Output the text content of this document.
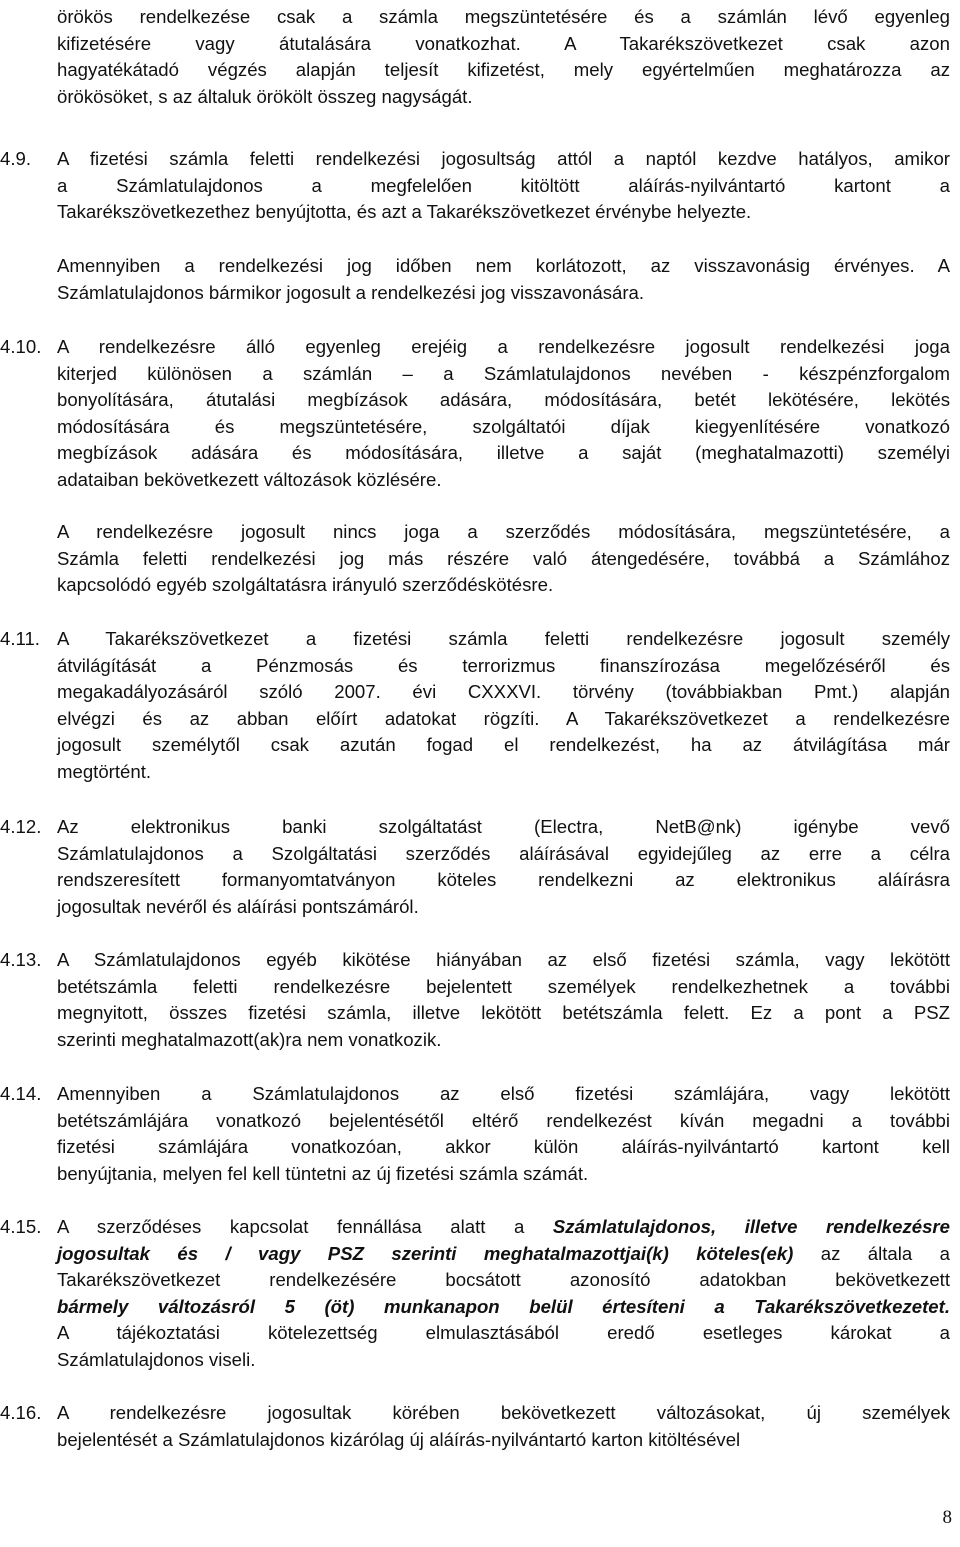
örökös rendelkezése csak a számla megszüntetésére és a számlán lévő egyenleg
kifizetésére vagy átutalására vonatkozhat. A Takarékszövetkezet csak azon
hagyatékátadó végzés alapján teljesít kifizetést, mely egyértelműen meghatározza az
örökösöket, s az általuk örökölt összeg nagyságát.
4.9. A fizetési számla feletti rendelkezési jogosultság attól a naptól kezdve hatályos, amikor
a Számlatulajdonos a megfelelően kitöltött aláírás-nyilvántartó kartont a
Takarékszövetkezethez benyújtotta, és azt a Takarékszövetkezet érvénybe helyezte.
Amennyiben a rendelkezési jog időben nem korlátozott, az visszavonásig érvényes. A
Számlatulajdonos bármikor jogosult a rendelkezési jog visszavonására.
4.10. A rendelkezésre álló egyenleg erejéig a rendelkezésre jogosult rendelkezési joga
kiterjed különösen a számlán – a Számlatulajdonos nevében - készpénzforgalom
bonyolítására, átutalási megbízások adására, módosítására, betét lekötésére, lekötés
módosítására és megszüntetésére, szolgáltatói díjak kiegyenlítésére vonatkozó
megbízások adására és módosítására, illetve a saját (meghatalmazotti) személyi
adataiban bekövetkezett változások közlésére.
A rendelkezésre jogosult nincs joga a szerződés módosítására, megszüntetésére, a
Számla feletti rendelkezési jog más részére való átengedésére, továbbá a Számlához
kapcsolódó egyéb szolgáltatásra irányuló szerződéskötésre.
4.11. A Takarékszövetkezet a fizetési számla feletti rendelkezésre jogosult személy
átvilágítását a Pénzmosás és terrorizmus finanszírozása megelőzéséről és
megakadályozásáról szóló 2007. évi CXXXVI. törvény (továbbiakban Pmt.) alapján
elvégzi és az abban előírt adatokat rögzíti. A Takarékszövetkezet a rendelkezésre
jogosult személytől csak azután fogad el rendelkezést, ha az átvilágítása már
megtörtént.
4.12. Az elektronikus banki szolgáltatást (Electra, NetB@nk) igénybe vevő
Számlatulajdonos a Szolgáltatási szerződés aláírásával egyidejűleg az erre a célra
rendszeresített formanyomtatványon köteles rendelkezni az elektronikus aláírásra
jogosultak nevéről és aláírási pontszámáról.
4.13. A Számlatulajdonos egyéb kikötése hiányában az első fizetési számla, vagy lekötött
betétszámla feletti rendelkezésre bejelentett személyek rendelkezhetnek a további
megnyitott, összes fizetési számla, illetve lekötött betétszámla felett. Ez a pont a PSZ
szerinti meghatalmazott(ak)ra nem vonatkozik.
4.14. Amennyiben a Számlatulajdonos az első fizetési számlájára, vagy lekötött
betétszámlájára vonatkozó bejelentésétől eltérő rendelkezést kíván megadni a további
fizetési számlájára vonatkozóan, akkor külön aláírás-nyilvántartó kartont kell
benyújtania, melyen fel kell tüntetni az új fizetési számla számát.
4.15. A szerződéses kapcsolat fennállása alatt a Számlatulajdonos, illetve rendelkezésre
jogosultak és / vagy PSZ szerinti meghatalmazottjai(k) köteles(ek) az általa a
Takarékszövetkezet rendelkezésére bocsátott azonosító adatokban bekövetkezett
bármely változásról 5 (öt) munkanapon belül értesíteni a Takarékszövetkezetet.
A tájékoztatási kötelezettség elmulasztásából eredő esetleges károkat a
Számlatulajdonos viseli.
4.16. A rendelkezésre jogosultak körében bekövetkezett változásokat, új személyek
bejelentését a Számlatulajdonos kizárólag új aláírás-nyilvántartó karton kitöltésével
8
